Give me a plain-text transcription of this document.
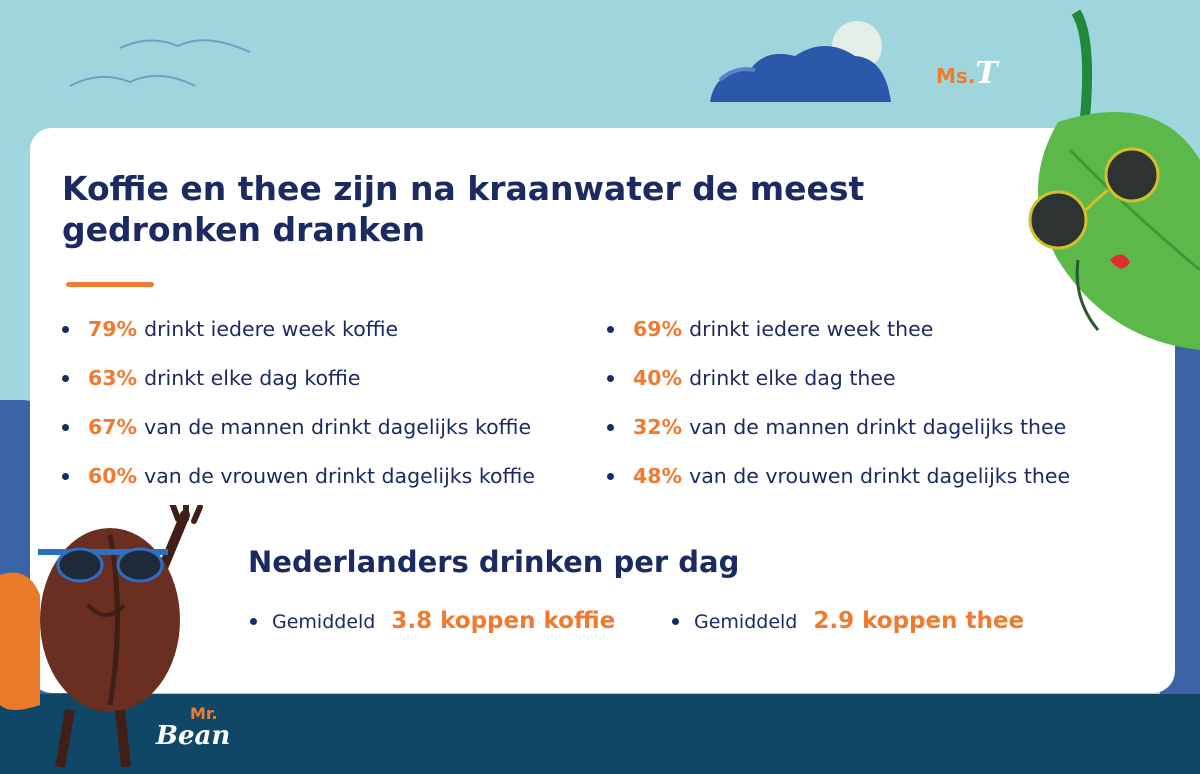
Koffie en thee zijn na kraanwater de meest gedronken dranken
79% drinkt iedere week koffie
63% drinkt elke dag koffie
67% van de mannen drinkt dagelijks koffie
60% van de vrouwen drinkt dagelijks koffie
69% drinkt iedere week thee
40% drinkt elke dag thee
32% van de mannen drinkt dagelijks thee
48% van de vrouwen drinkt dagelijks thee
Nederlanders drinken per dag
Gemiddeld 3.8 koppen koffie	Gemiddeld 2.9 koppen thee
Ms.T
Mr.
Bean
